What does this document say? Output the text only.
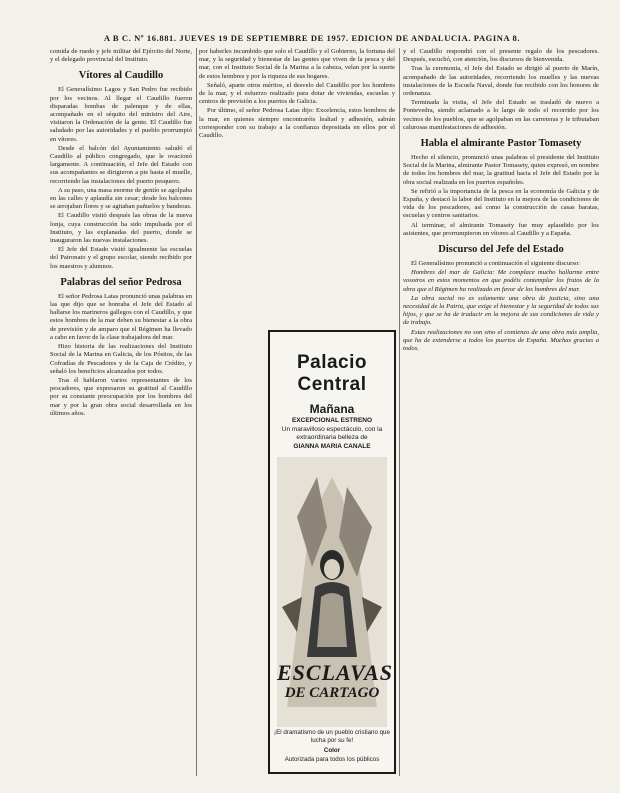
A B C. Nº 16.881. JUEVES 19 DE SEPTIEMBRE DE 1957. EDICION DE ANDALUCIA. PAGINA 8.

comida de ruedo y jefe militar del Ejército del Norte, y el delegado provincial del Instituto.

Vítores al Caudillo

El Generalísimo Lagos y San Pedro fue recibido por los vecinos. Al llegar el Caudillo fueron disparadas bombas de palenque y de ellas, acompañado en el séquito del ministro del Aire, visitaron la Ordenación de la gente. El Caudillo fue saludado por las autoridades y el pueblo prorrumpió en vítores.

Desde el balcón del Ayuntamiento saludó el Caudillo al público congregado, que le ovacionó largamente. A continuación, el Jefe del Estado con sus acompañantes se dirigieron a pie hasta el muelle, recorriendo las instalaciones del puerto pesquero.

A su paso, una masa enorme de gentío se agolpaba en las calles y aplaudía sin cesar; desde los balcones se arrojaban flores y se agitaban pañuelos y banderas.

El Caudillo visitó después las obras de la nueva lonja, cuya construcción ha sido impulsada por el Instituto, y las explanadas del puerto, donde se inauguraron las nuevas instalaciones.

El Jefe del Estado visitó igualmente las escuelas del Patronato y el grupo escolar, siendo recibido por los maestros y alumnos.

Palabras del señor Pedrosa

El señor Pedrosa Latas pronunció unas palabras en las que dijo que se honraba el Jefe del Estado al hallarse los marineros gallegos con el Caudillo, y que estos hombres de la mar deben su bienestar a la obra de previsión y de amparo que el Régimen ha llevado a cabo en favor de la clase trabajadora del mar.

Hizo historia de las realizaciones del Instituto Social de la Marina en Galicia, de los Pósitos, de las Cofradías de Pescadores y de la Caja de Crédito, y señaló los beneficios alcanzados por todos.

Tras él hablaron varios representantes de los pescadores, que expresaron su gratitud al Caudillo por su constante preocupación por los hombres del mar y por la gran obra social desarrollada en los últimos años.

por haberles incumbido que solo el Caudillo y el Gobierno, la fortuna del mar, y la seguridad y bienestar de las gentes que viven de la pesca y del mar, con el Instituto Social de la Marina a la cabeza, velan por la suerte de estos hombres y por la riqueza de sus hogares.

Señaló, aparte otros méritos, el desvelo del Caudillo por los hombres de la mar, y el esfuerzo realizado para dotar de viviendas, escuelas y centros de previsión a los puertos de Galicia.

Por último, el señor Pedrosa Latas dijo: Excelencia, estos hombres de la mar, en quienes siempre encontraréis lealtad y adhesión, sabrán corresponder con su trabajo a la confianza depositada en ellos por el Caudillo.

Palacio Central
Mañana
EXCEPCIONAL ESTRENO
Un maravilloso espectáculo, con la extraordinaria belleza de
GIANNA MARIA CANALE
ESCLAVAS
DE CARTAGO
¡El dramatismo de un pueblo cristiano que lucha por su fe!
Color
Autorizada para todos los públicos

y el Caudillo respondió con el presente regalo de los pescadores. Después, escuchó, con atención, los discursos de bienvenida.

Tras la ceremonia, el Jefe del Estado se dirigió al puerto de Marín, acompañado de las autoridades, recorriendo los muelles y las nuevas instalaciones de la Escuela Naval, donde fue recibido con los honores de ordenanza.

Terminada la visita, el Jefe del Estado se trasladó de nuevo a Pontevedra, siendo aclamado a lo largo de todo el recorrido por los vecinos de los pueblos, que se agolpaban en las carreteras y le tributaban calurosas manifestaciones de adhesión.

Habla el almirante Pastor Tomasety

Hecho el silencio, pronunció unas palabras el presidente del Instituto Social de la Marina, almirante Pastor Tomasety, quien expresó, en nombre de todos los hombres del mar, la gratitud hacia el Jefe del Estado por la obra social realizada en los puertos españoles.

Se refirió a la importancia de la pesca en la economía de Galicia y de España, y destacó la labor del Instituto en la mejora de las condiciones de vida de los pescadores, así como la construcción de casas baratas, escuelas y centros sanitarios.

Al terminar, el almirante Tomasety fue muy aplaudido por los asistentes, que prorrumpieron en vítores al Caudillo y a España.

Discurso del Jefe del Estado

El Generalísimo pronunció a continuación el siguiente discurso:

Hombres del mar de Galicia: Me complace mucho hallarme entre vosotros en estos momentos en que podéis contemplar los frutos de la obra que el Régimen ha realizado en favor de los hombres del mar.

La obra social no es solamente una obra de justicia, sino una necesidad de la Patria, que exige el bienestar y la seguridad de todos sus hijos, y que se ha de traducir en la mejora de sus condiciones de vida y de trabajo.

Estas realizaciones no son sino el comienzo de una obra más amplia, que ha de extenderse a todos los puertos de España. Muchas gracias a todos.
